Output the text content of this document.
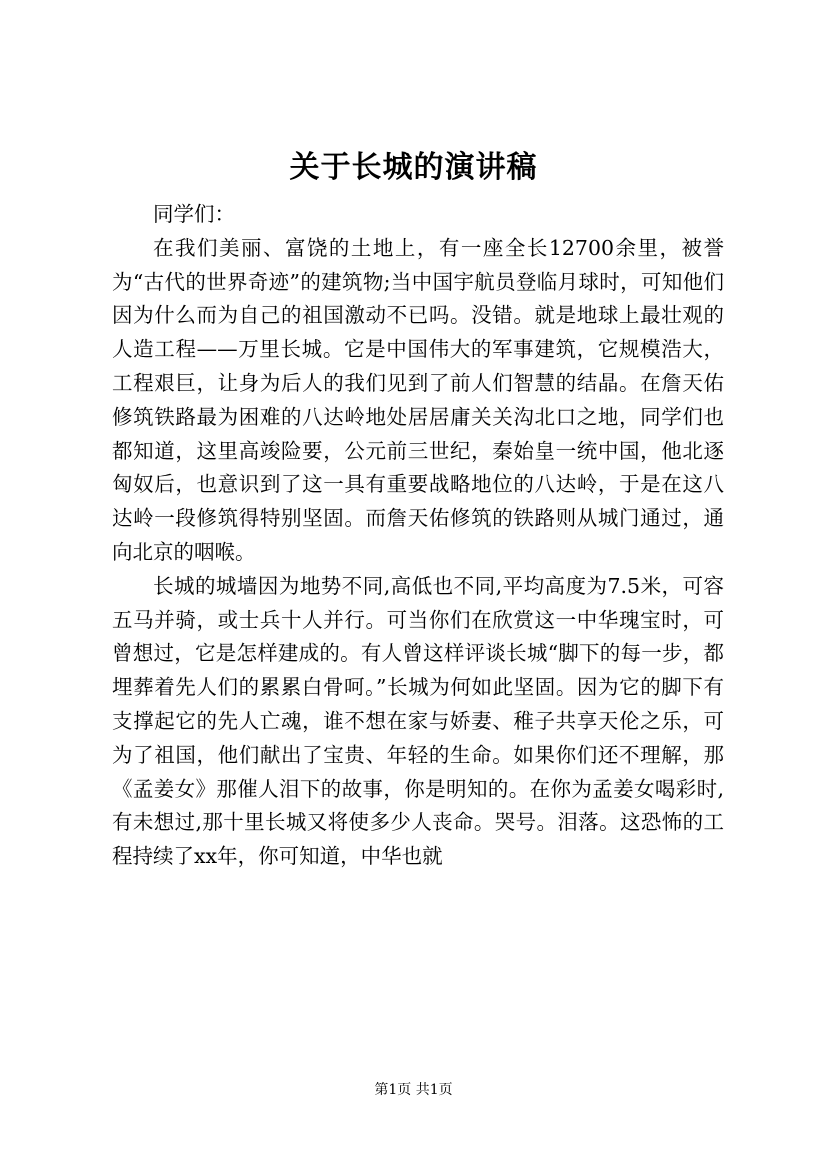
关于长城的演讲稿

同学们：

在我们美丽、富饶的土地上，有一座全长12700余里，被誉为“古代的世界奇迹”的建筑物;当中国宇航员登临月球时，可知他们因为什么而为自己的祖国激动不已吗。没错。就是地球上最壮观的人造工程——万里长城。它是中国伟大的军事建筑，它规模浩大，工程艰巨，让身为后人的我们见到了前人们智慧的结晶。在詹天佑修筑铁路最为困难的八达岭地处居居庸关关沟北口之地，同学们也都知道，这里高竣险要，公元前三世纪，秦始皇一统中国，他北逐匈奴后，也意识到了这一具有重要战略地位的八达岭，于是在这八达岭一段修筑得特别坚固。而詹天佑修筑的铁路则从城门通过，通向北京的咽喉。

长城的城墙因为地势不同,高低也不同,平均高度为7.5米，可容五马并骑，或士兵十人并行。可当你们在欣赏这一中华瑰宝时，可曾想过，它是怎样建成的。有人曾这样评谈长城“脚下的每一步，都埋葬着先人们的累累白骨呵。”长城为何如此坚固。因为它的脚下有支撑起它的先人亡魂，谁不想在家与娇妻、稚子共享天伦之乐，可为了祖国，他们献出了宝贵、年轻的生命。如果你们还不理解，那《孟姜女》那催人泪下的故事，你是明知的。在你为孟姜女喝彩时,有未想过,那十里长城又将使多少人丧命。哭号。泪落。这恐怖的工程持续了xx年，你可知道，中华也就

第1页 共1页
